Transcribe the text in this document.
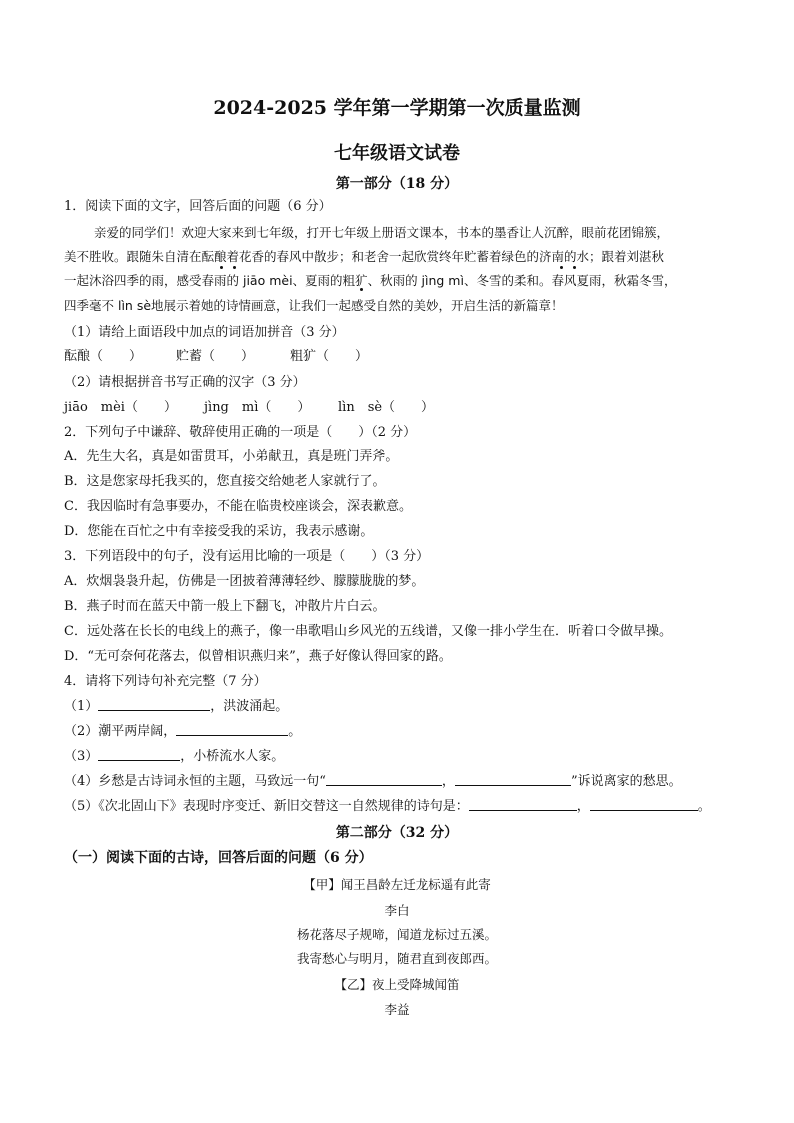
2024-2025 学年第一学期第一次质量监测
七年级语文试卷
第一部分（18 分）
1．阅读下面的文字，回答后面的问题（6 分）
亲爱的同学们！欢迎大家来到七年级，打开七年级上册语文课本，书本的墨香让人沉醉，眼前花团锦簇，
美不胜收。跟随朱自清在酝酿着花香的春风中散步；和老舍一起欣赏终年贮蓄着绿色的济南的水；跟着刘湛秋
一起沐浴四季的雨，感受春雨的 jiāo mèi、夏雨的粗犷、秋雨的 jìng mì、冬雪的柔和。春风夏雨，秋霜冬雪，
四季毫不 lìn sè地展示着她的诗情画意，让我们一起感受自然的美妙，开启生活的新篇章！
（1）请给上面语段中加点的词语加拼音（3 分）
酝酿（　　）	贮蓄（　　）	粗犷（　　）
（2）请根据拼音书写正确的汉字（3 分）
jiāo　mèi（　　） jìng　mì（　　） lìn　sè（　　）
2．下列句子中谦辞、敬辞使用正确的一项是（　　）（2 分）
A．先生大名，真是如雷贯耳，小弟献丑，真是班门弄斧。
B．这是您家母托我买的，您直接交给她老人家就行了。
C．我因临时有急事要办，不能在临贵校座谈会，深表歉意。
D．您能在百忙之中有幸接受我的采访，我表示感谢。
3．下列语段中的句子，没有运用比喻的一项是（　　）（3 分）
A．炊烟袅袅升起，仿佛是一团披着薄薄轻纱、朦朦胧胧的梦。
B．燕子时而在蓝天中箭一般上下翻飞，冲散片片白云。
C．远处落在长长的电线上的燕子，像一串歌唱山乡风光的五线谱，又像一排小学生在．听着口令做早操。
D．“无可奈何花落去，似曾相识燕归来”，燕子好像认得回家的路。
4．请将下列诗句补充完整（7 分）
（1）	，洪波涌起。
（2）潮平两岸阔，	。
（3）	，小桥流水人家。
（4）乡愁是古诗词永恒的主题，马致远一句“	，	”诉说离家的愁思。
（5）《次北固山下》表现时序变迁、新旧交替这一自然规律的诗句是：	，	。
第二部分（32 分）
（一）阅读下面的古诗，回答后面的问题（6 分）
【甲】闻王昌龄左迁龙标遥有此寄
李白
杨花落尽子规啼，闻道龙标过五溪。
我寄愁心与明月，随君直到夜郎西。
【乙】夜上受降城闻笛
李益
